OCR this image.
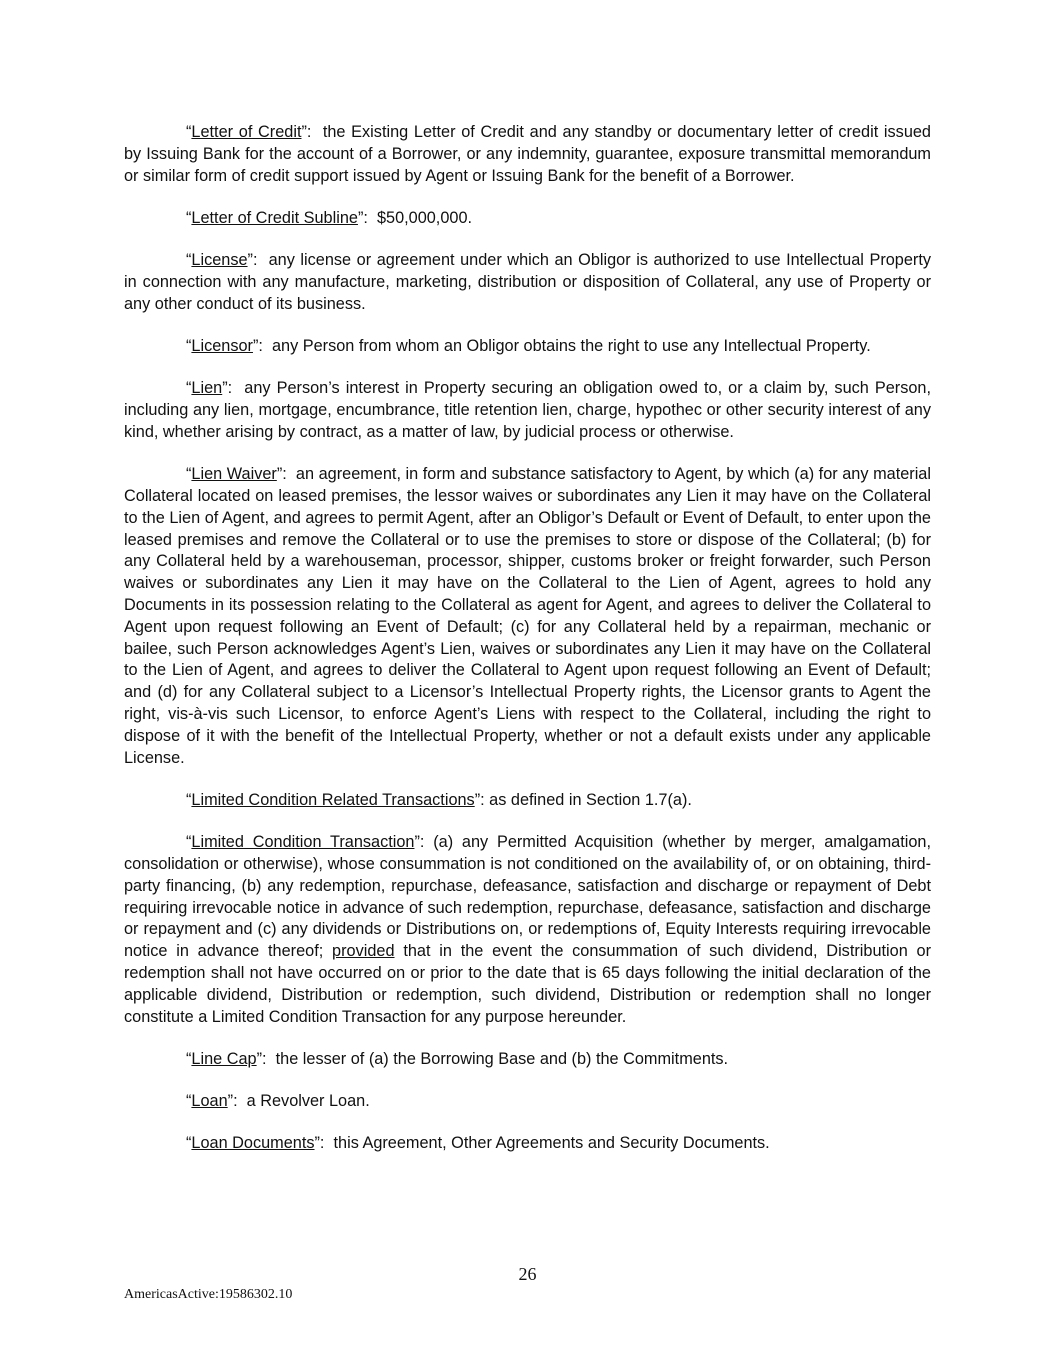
“Letter of Credit”:  the Existing Letter of Credit and any standby or documentary letter of credit issued by Issuing Bank for the account of a Borrower, or any indemnity, guarantee, exposure transmittal memorandum or similar form of credit support issued by Agent or Issuing Bank for the benefit of a Borrower.

“Letter of Credit Subline”:  $50,000,000.

“License”:  any license or agreement under which an Obligor is authorized to use Intellectual Property in connection with any manufacture, marketing, distribution or disposition of Collateral, any use of Property or any other conduct of its business.

“Licensor”:  any Person from whom an Obligor obtains the right to use any Intellectual Property.

“Lien”:  any Person’s interest in Property securing an obligation owed to, or a claim by, such Person, including any lien, mortgage, encumbrance, title retention lien, charge, hypothec or other security interest of any kind, whether arising by contract, as a matter of law, by judicial process or otherwise.

“Lien Waiver”:  an agreement, in form and substance satisfactory to Agent, by which (a) for any material Collateral located on leased premises, the lessor waives or subordinates any Lien it may have on the Collateral to the Lien of Agent, and agrees to permit Agent, after an Obligor’s Default or Event of Default, to enter upon the leased premises and remove the Collateral or to use the premises to store or dispose of the Collateral; (b) for any Collateral held by a warehouseman, processor, shipper, customs broker or freight forwarder, such Person waives or subordinates any Lien it may have on the Collateral to the Lien of Agent, agrees to hold any Documents in its possession relating to the Collateral as agent for Agent, and agrees to deliver the Collateral to Agent upon request following an Event of Default; (c) for any Collateral held by a repairman, mechanic or bailee, such Person acknowledges Agent’s Lien, waives or subordinates any Lien it may have on the Collateral to the Lien of Agent, and agrees to deliver the Collateral to Agent upon request following an Event of Default; and (d) for any Collateral subject to a Licensor’s Intellectual Property rights, the Licensor grants to Agent the right, vis-à-vis such Licensor, to enforce Agent’s Liens with respect to the Collateral, including the right to dispose of it with the benefit of the Intellectual Property, whether or not a default exists under any applicable License.

“Limited Condition Related Transactions”: as defined in Section 1.7(a).

“Limited Condition Transaction”: (a) any Permitted Acquisition (whether by merger, amalgamation, consolidation or otherwise), whose consummation is not conditioned on the availability of, or on obtaining, third-party financing, (b) any redemption, repurchase, defeasance, satisfaction and discharge or repayment of Debt requiring irrevocable notice in advance of such redemption, repurchase, defeasance, satisfaction and discharge or repayment and (c) any dividends or Distributions on, or redemptions of, Equity Interests requiring irrevocable notice in advance thereof; provided that in the event the consummation of such dividend, Distribution or redemption shall not have occurred on or prior to the date that is 65 days following the initial declaration of the applicable dividend, Distribution or redemption, such dividend, Distribution or redemption shall no longer constitute a Limited Condition Transaction for any purpose hereunder.

“Line Cap”:  the lesser of (a) the Borrowing Base and (b) the Commitments.

“Loan”:  a Revolver Loan.

“Loan Documents”:  this Agreement, Other Agreements and Security Documents.

26
AmericasActive:19586302.10
